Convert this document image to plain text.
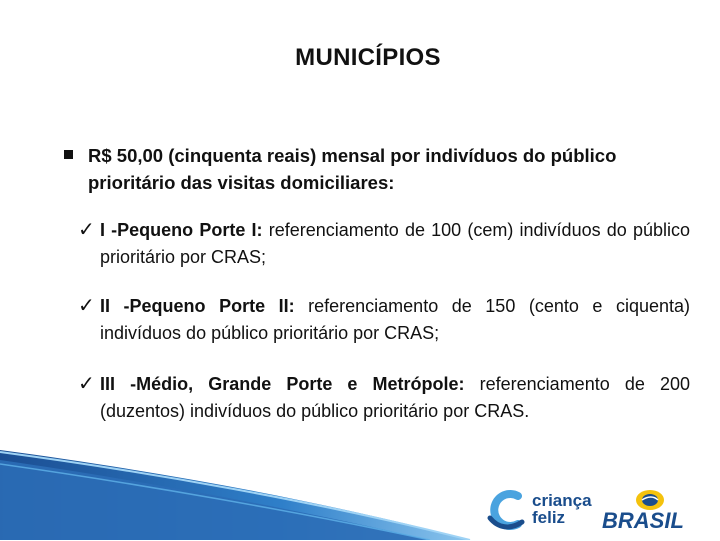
MUNICÍPIOS
R$ 50,00 (cinquenta reais) mensal por indivíduos do público prioritário das visitas domiciliares:
✓ I -Pequeno Porte I: referenciamento de 100 (cem) indivíduos do público prioritário por CRAS;
✓ II -Pequeno Porte II: referenciamento de 150 (cento e ciquenta) indivíduos do público prioritário por CRAS;
✓ III -Médio, Grande Porte e Metrópole: referenciamento de 200 (duzentos) indivíduos do público prioritário por CRAS.
criança
feliz	BRASIL
